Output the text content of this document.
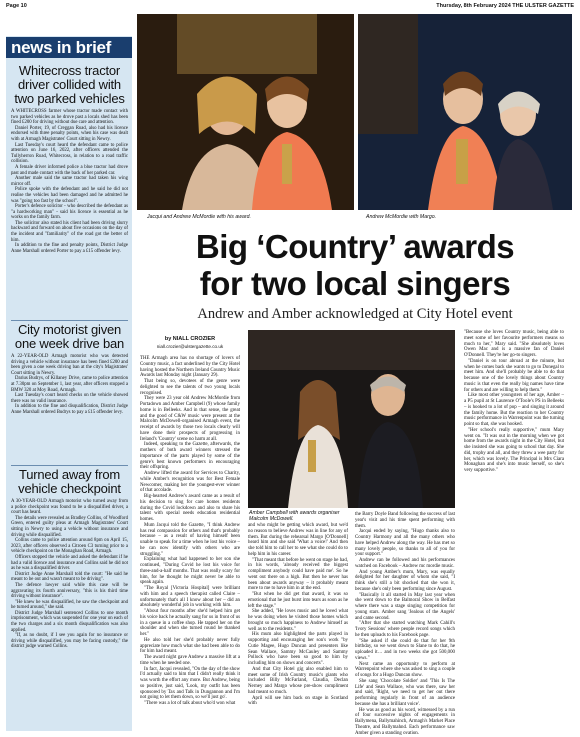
Page 10	Thursday, 8th February 2024 THE ULSTER GAZETTE
news in brief
Whitecross tractor driver collided with two parked vehicles

A WHITECROSS farmer whose tractor made contact with two parked vehicles as he drove past a locals shed has been fined £200 for driving without due care and attention.

Daniel Porter, 19, of Creggan Road, also had his licence endorsed with three penalty points, when his case was dealt with at Armagh Magistrates' Court sitting in Newry.

Last Tuesday's court heard the defendant came to police attention on June 16, 2022, after officers attended the Tullyherron Road, Whitecross, in relation to a road traffic collision.

A female driver informed police a blue tractor had drove past and made contact with the back of her parked car.

Another male said the same tractor had taken his wing mirror off.

Police spoke with the defendant and he said he did not realise the vehicles had been damaged and he admitted he was "going too fast by the school".

Porter's defence solicitor - who described the defendant as "a hardworking man" - said his licence is essential as he works on the family farm.

The solicitor also stated his client had been driving slurry backward and forward on about five occasions on the day of the incident and "familiarity" of the road got the better of him.

In addition to the fine and penalty points, District Judge Anne Marshall ordered Porter to pay a £15 offender levy.

City motorist given one week drive ban

A 22-YEAR-OLD Armagh motorist who was detected driving a vehicle without insurance has been fined £200 and been given a one week driving ban at the city's Magistrates' Court sitting in Newry.

Darius Budrys, of Killaney Drive, came to police attention at 7.30pm on September 1, last year, after officers stopped a BMW 320 at Moy Road, Armagh.

Last Tuesday's court heard checks on the vehicle showed there was no valid insurance.

In addition to the fine and disqualification, District Judge Anne Marshall ordered Budrys to pay a £15 offender levy.

Turned away from vehicle checkpoint

A 30-YEAR-OLD Armagh motorist who turned away from a police checkpoint was found to be a disqualified driver, a court has heard.

The details were revealed as Bradley Collins, of Woodford Green, entered guilty pleas at Armagh Magistrates' Court sitting in Newry to using a vehicle without insurance and driving while disqualified.

Collins came to police attention around 8pm on April 15, 2023, after officers observed a Citroen C3 turning prior to a vehicle checkpoint on the Monaghan Road, Armagh.

Officers stopped the vehicle and asked the defendant if he had a valid licence and insurance and Collins said he did not as he was a disqualified driver.

District Judge Anne Marshall told the court: "He said he meant to be out and wasn't meant to be driving".

The defence lawyer said while this case will be aggravating its fourth anniversary, "this is his third time driving without insurance".

"He knew he was disqualified, he saw the checkpoint and he turned around," she said.

District Judge Marshall sentenced Collins to one month imprisonment, which was suspended for one year on each of the two charges and a six month disqualification was also applied.

"If, as no doubt, if I see you again for no insurance or driving while disqualified, you may be facing custody," the district judge warned Collins.

Jacqui and Andrew McMordie with his award.	Andrew McMordie with Margo.
Big ‘Country’ awards
for two local singers
Andrew and Amber acknowledged at City Hotel event
by NIALL CROZIER
niall.crozier@ulstergazette.co.uk

THE Armagh area has no shortage of lovers of Country music, a fact underlined by the City Hotel having hosted the Northern Ireland Country Music Awards last Monday night (January 29).

That being so, devotees of the genre were delighted to see the talents of two young locals recognised.

They were 23 year old Andrew McMordie from Portadown and Amber Campbell (9) whose family home is in Belleeks. And in that sense, the great and the good of C&W music were present at the Malcolm McDowell-organised Armagh event, the receipt of awards by those two locals clearly will have done their prospects of progressing in Ireland's 'Country' scene no harm at all.

Indeed, speaking to the Gazette, afterwards, the mothers of both award winners stressed the importance of the parts played by some of the genre's best known performers in encouraging their offspring.

Andrew lifted the award for Services to Charity, while Amber's recognition was for Best Female Newcomer, making her the youngest-ever winner of that accolade.

Big-hearted Andrew's award came as a result of his decision to sing for care homes residents during the Covid lockdown and also to share his talent with special needs education residential homes.

Mum Jacqui told the Gazette, "I think Andrew has real compassion for others and that's probably because – as a result of having himself been unable to speak for a time when he lost his voice – he can now identify with others who are struggling."

Explaining what had happened to her son she continued, "During Covid he lost his voice for three-and-a-half months. That was really scary for him, for he thought he might never be able to speak again.

"The Royal [Victoria Hospital] were brilliant with him and a speech therapist called Claire – unfortunately that's all I know about her – did an absolutely wonderful job in working with him.

"About four months after she'd helped him get his voice back he actually sang for us in front of us in a queue in a coffee shop. He tapped her on the shoulder and when she turned round he thanked her."

He also told her she'd probably never fully appreciate how much what she had been able to do for him had meant.

The award night gave Andrew a massive lift at a time when he needed one.

In fact, Jacqui revealed, "On the day of the show I'd actually said to him that I didn't really think it was worth the effort any more. But Andrew, being so positive, just said, 'Look, my outfit has been sponsored by Tax and Talk in Dungannon and I'm not going to let them down, so we'll just go'.

"There was a lot of talk about who'd won what

Amber Campbell with awards organiser Malcolm McDowell.

and who might be getting which award, but we'd no reason to believe Andrew was in line for any of them. But during the rehearsal Margo [O'Donnell] heard him and she said 'What a voice!' And then she told him to call her to see what she could do to help him in his career.

"That meant that before he went on stage he had, in his words, 'already received the biggest compliment anybody could have paid me'. So he went out there on a high. But then he never has been about awards anyway – it probably meant more to me to have him in at the end.

"But when he did get that award, it was so emotional that he just burst into tears as soon as he left the stage."

She added, "He loves music and he loved what he was doing when he visited those homes which brought so much happiness to Andrew himself as well as to the residents."

His mum also highlighted the parts played in supporting and encouraging her son's work "by Cutie Magee, Hugo Duncan and presenters like Sean Wallace, Sammy McCauley and Sammy Pollock who have been so good to him by including him on shows and concerts".

And that City Hotel gig also enabled him to meet some of Irish Country music's giants who included Billy McFarland, Claudia, Declan Nerney and Margo whose pre-show compliment had meant so much.

April will see him back on stage in Scotland with

the Barry Doyle Band following the success of last year's visit and his time spent performing with them.

Jacqui ended by saying, "Hugo thanks also to Country Harmony and all the many others who have helped Andrew along the way. He has met so many lovely people, so thanks to all of you for your support."

Andrew can be followed and his performances watched on Facebook – Andrew mc mordie music.

And young Amber's mum, Mary, was equally delighted for her daughter of whom she said, "I think she's still a bit shocked that she won it, because she's only been performing since August.

"Basically it all started in May last year when she went down to the Balmoral Show in Belfast where there was a stage singing competition for young stars. Amber sang 'Jealous of the Angels' and came second.

"After that she started watching Mark Cahill's 'Ivory Sessions' where people record songs which he then uploads to his Facebook page.

"She asked if she could do that for her 9th birthday, so we went down to Slane to do that, he uploaded it… and in two weeks she got 500,000 views."

Next came an opportunity to perform at Warrenpoint where she was asked to sing a couple of songs for a Hugo Duncan show.

She sang 'Chocolate Soldier' and 'This Is The Life' and Sean Wallace, who was there, saw her and said, 'Right, we need to get her out there performing regularly in front of an audience because she has a brilliant voice'.

He was as good as his word, witnessed by a run of four successive nights of engagements in Ballymena, Ballymahinch, Armagh's Market Place Theatre, and Ballymahnd. Each performance saw Amber given a standing ovation.

"Because she loves Country music, being able to meet some of her favourite performers means so much to her," Mary said. "She absolutely loves Owen Mac and is a massive fan of Daniel O'Donnell. They're her go-to singers.

"Daniel is on tour abroad at the minute, but when he comes back she wants to go to Donegal to meet him. And she'll probably be able to do that because one of the lovely things about Country music is that even the really big names have time for others and are willing to help them."

Like most other youngsters of her age, Amber – a P5 pupil at St Laurence O'Toole's PS in Belleeks – is hooked to a lot of pop – and singing it around the family home. But the reaction to her Country music performance in Warrenpoint was the turning point so that, she was hooked.

"Her school's really supportive," mum Mary went on. "It was out in the morning when we got home from the awards night in the City Hotel, but she insisted she was going to school that day. She did, trophy and all, and they threw a wee party for her, which was lovely. The Principal is Mrs Ciara Monaghan and she's into music herself, so she's very supportive."
